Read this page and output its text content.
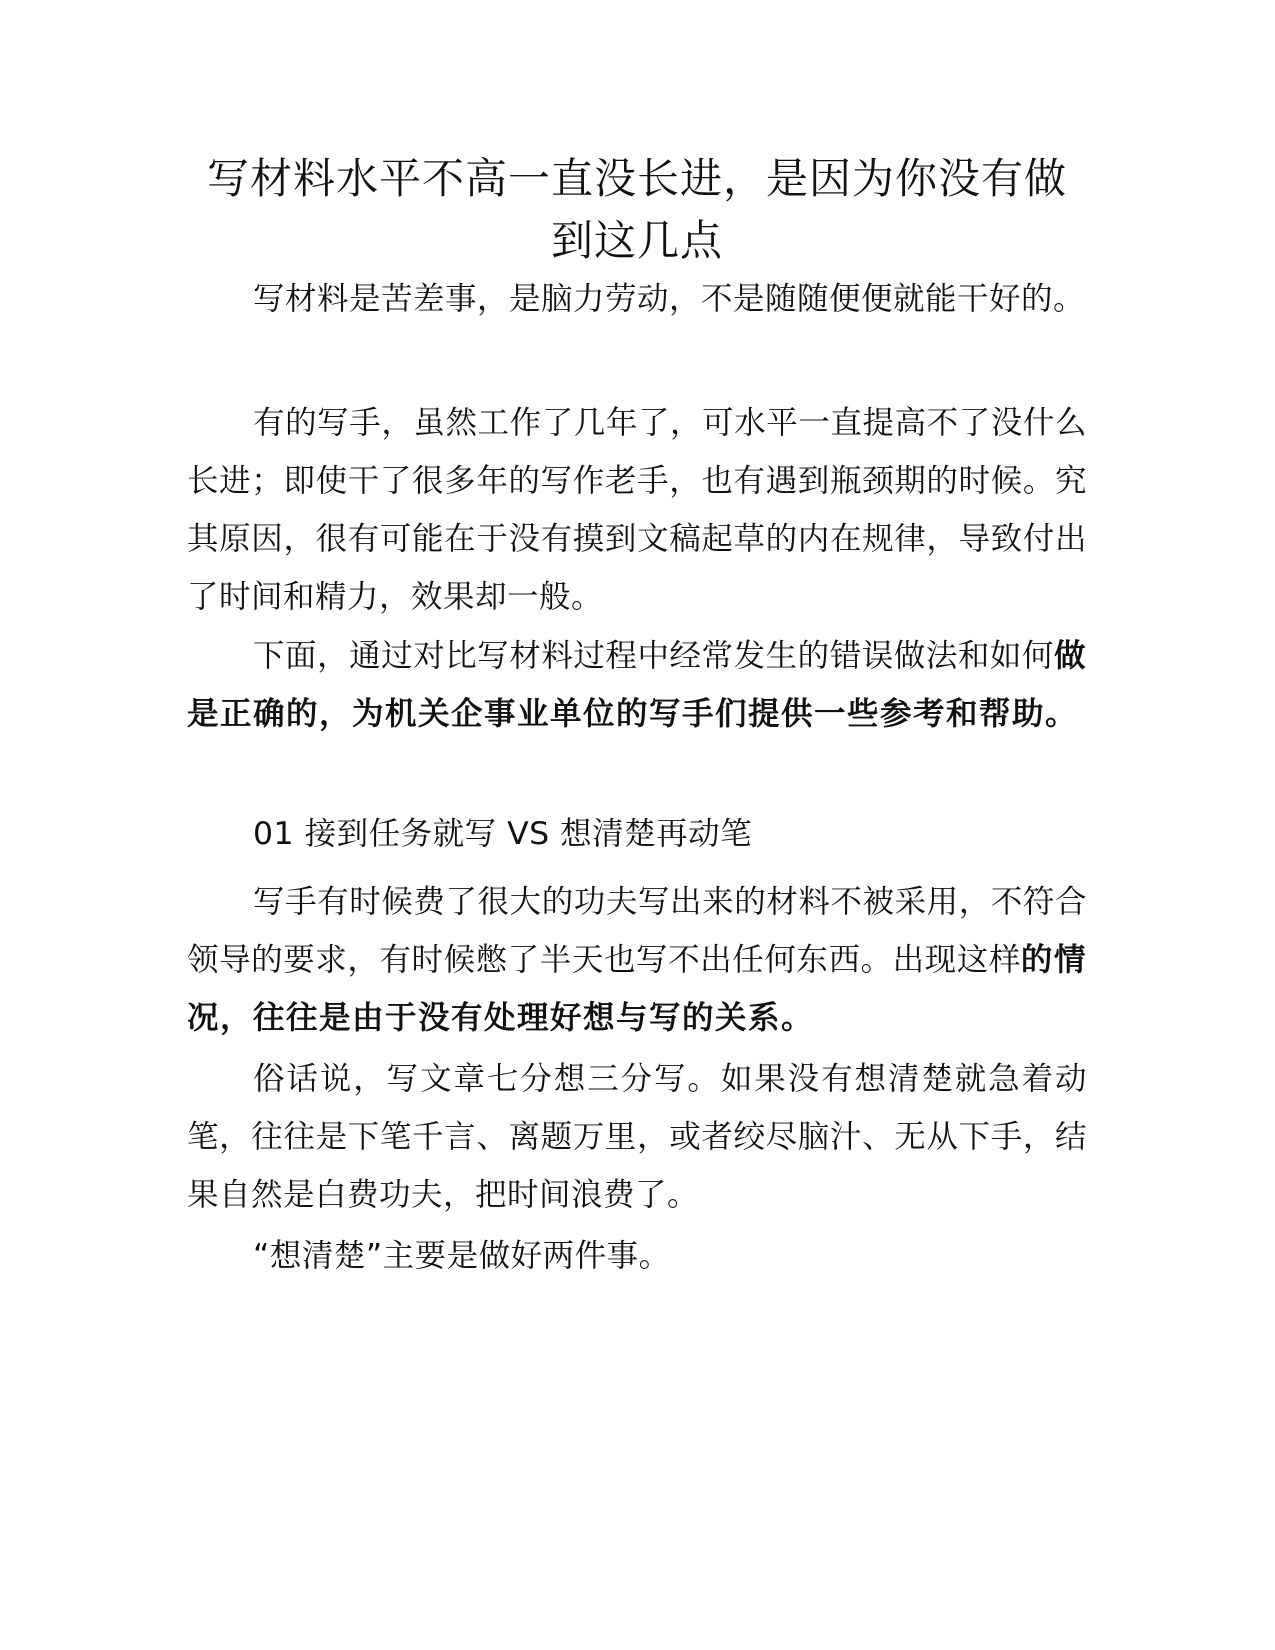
写材料水平不高一直没长进，是因为你没有做到这几点

写材料是苦差事，是脑力劳动，不是随随便便就能干好的。

有的写手，虽然工作了几年了，可水平一直提高不了没什么长进；即使干了很多年的写作老手，也有遇到瓶颈期的时候。究其原因，很有可能在于没有摸到文稿起草的内在规律，导致付出了时间和精力，效果却一般。

下面，通过对比写材料过程中经常发生的错误做法和如何做是正确的，为机关企事业单位的写手们提供一些参考和帮助。

01 接到任务就写 VS 想清楚再动笔

写手有时候费了很大的功夫写出来的材料不被采用，不符合领导的要求，有时候憋了半天也写不出任何东西。出现这样的情况，往往是由于没有处理好想与写的关系。

俗话说，写文章七分想三分写。如果没有想清楚就急着动笔，往往是下笔千言、离题万里，或者绞尽脑汁、无从下手，结果自然是白费功夫，把时间浪费了。

“想清楚”主要是做好两件事。
